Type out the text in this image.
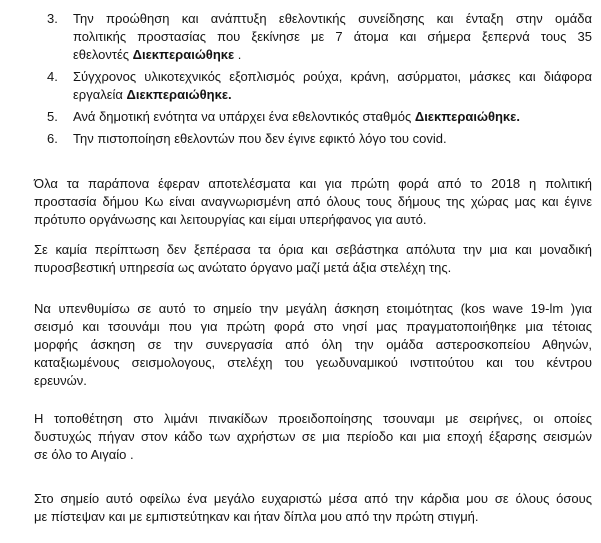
3. Την προώθηση και ανάπτυξη εθελοντικής συνείδησης και ένταξη στην ομάδα
πολιτικής προστασίας που ξεκίνησε με 7 άτομα και σήμερα ξεπερνά τους 35
εθελοντές Διεκπεραιώθηκε .
4. Σύγχρονος υλικοτεχνικός εξοπλισμός ρούχα, κράνη, ασύρματοι, μάσκες και διάφορα
εργαλεία Διεκπεραιώθηκε.
5. Ανά δημοτική ενότητα να υπάρχει ένα εθελοντικός σταθμός Διεκπεραιώθηκε.
6. Την πιστοποίηση εθελοντών που δεν έγινε εφικτό λόγο του covid.
Όλα τα παράπονα έφεραν αποτελέσματα και για πρώτη φορά από το 2018 η πολιτική
προστασία δήμου Κω είναι αναγνωρισμένη από όλους τους δήμους της χώρας μας και έγινε
πρότυπο οργάνωσης και λειτουργίας και είμαι υπερήφανος για αυτό.
Σε καμία περίπτωση δεν ξεπέρασα τα όρια και σεβάστηκα απόλυτα την μια και μοναδική
πυροσβεστική υπηρεσία ως ανώτατο όργανο μαζί μετά άξια στελέχη της.
Να υπενθυμίσω σε αυτό το σημείο την μεγάλη άσκηση ετοιμότητας (kos wave 19-lm )για
σεισμό και τσουνάμι που για πρώτη φορά στο νησί μας πραγματοποιήθηκε μια τέτοιας
μορφής άσκηση σε την συνεργασία από όλη την ομάδα αστεροσκοπείου Αθηνών,
καταξιωμένους σεισμολογους, στελέχη του γεωδυναμικού ινστιτούτου και του κέντρου
ερευνών.
Η τοποθέτηση στο λιμάνι πινακίδων προειδοποίησης τσουναμι με σειρήνες, οι οποίες
δυστυχώς πήγαν στον κάδο των αχρήστων σε μια περίοδο και μια εποχή έξαρσης σεισμών
σε όλο το Αιγαίο .
Στο σημείο αυτό οφείλω ένα μεγάλο ευχαριστώ μέσα από την κάρδια μου σε όλους όσους
με πίστεψαν και με εμπιστεύτηκαν και ήταν δίπλα μου από την πρώτη στιγμή.
